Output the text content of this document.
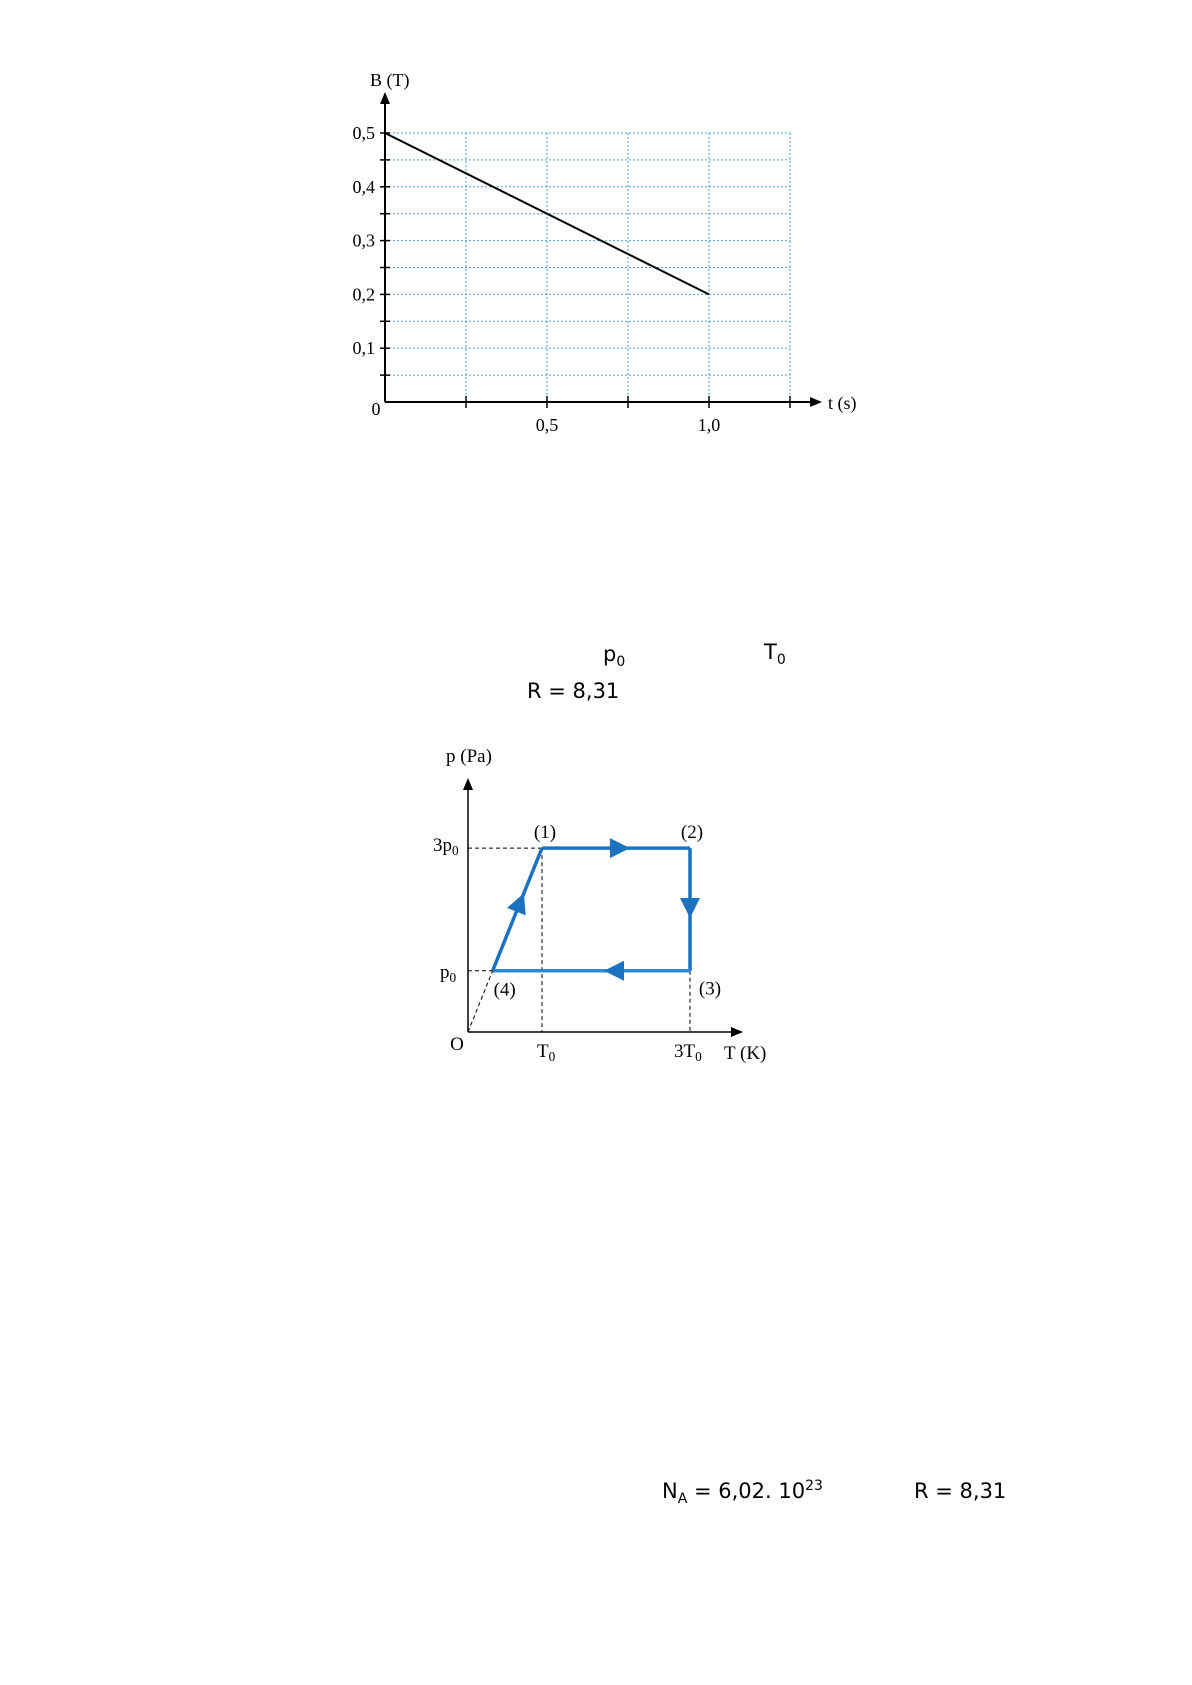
0,5
0,4
0,3
0,2
0,1
0,5	1,0
0	t (s)
B (T)
$p_0$	$T_0$
R = 8,31
(1)	(2)
(3)
(4)
p (Pa)
T (K)
O
$3p_0$
$p_0$
$T_0$	$3T_0$
$N_A = 6,02$. $10^{23}$	R = 8,31
